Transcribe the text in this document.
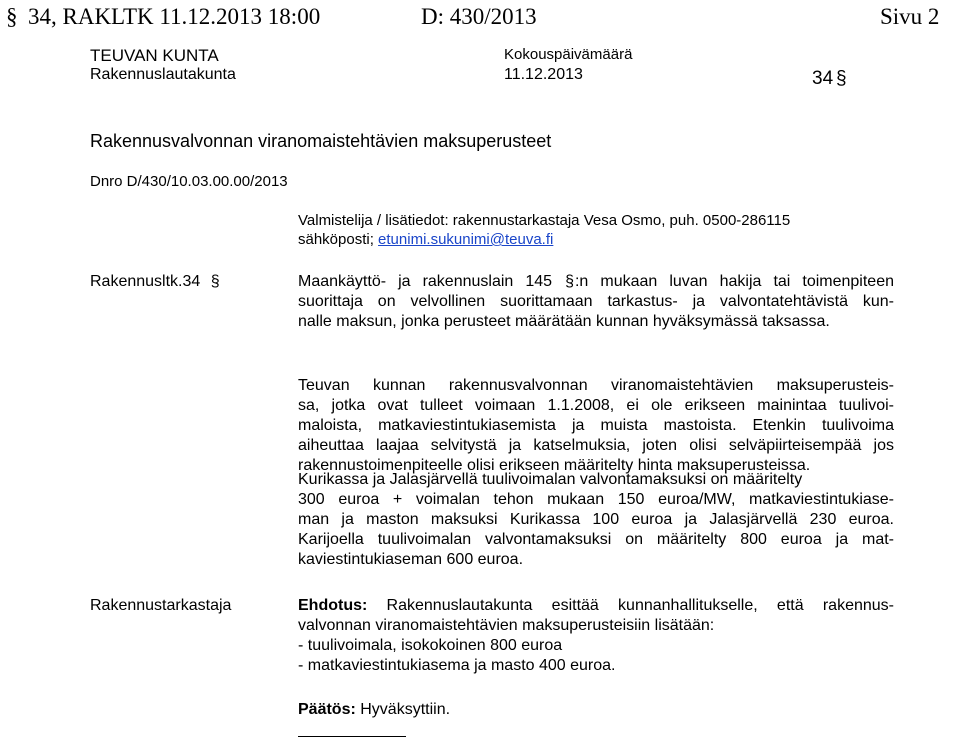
§ 34, RAKLTK 11.12.2013 18:00	D: 430/2013	Sivu 2
TEUVAN KUNTA
Rakennuslautakunta
Kokouspäivämäärä
11.12.2013	34 §
Rakennusvalvonnan viranomaistehtävien maksuperusteet
Dnro D/430/10.03.00.00/2013
Valmistelija / lisätiedot: rakennustarkastaja Vesa Osmo, puh. 0500-286115
sähköposti; etunimi.sukunimi@teuva.fi
Rakennusltk.34 §
Rakennustarkastaja
Maankäyttö- ja rakennuslain 145 §:n mukaan luvan hakija tai toimenpiteen
suorittaja on velvollinen suorittamaan tarkastus- ja valvontatehtävistä kun-
nalle maksun, jonka perusteet määrätään kunnan hyväksymässä taksassa.
Teuvan kunnan rakennusvalvonnan viranomaistehtävien maksuperusteis-
sa, jotka ovat tulleet voimaan 1.1.2008, ei ole erikseen mainintaa tuulivoi-
maloista, matkaviestintukiasemista ja muista mastoista. Etenkin tuulivoima
aiheuttaa laajaa selvitystä ja katselmuksia, joten olisi selväpiirteisempää jos
rakennustoimenpiteelle olisi erikseen määritelty hinta maksuperusteissa.
Kurikassa ja Jalasjärvellä tuulivoimalan valvontamaksuksi on määritelty
300 euroa + voimalan tehon mukaan 150 euroa/MW, matkaviestintukiase-
man ja maston maksuksi Kurikassa 100 euroa ja Jalasjärvellä 230 euroa.
Karijoella tuulivoimalan valvontamaksuksi on määritelty 800 euroa ja mat-
kaviestintukiaseman 600 euroa.
Ehdotus: Rakennuslautakunta esittää kunnanhallitukselle, että rakennus-
valvonnan viranomaistehtävien maksuperusteisiin lisätään:
- tuulivoimala, isokokoinen 800 euroa
- matkaviestintukiasema ja masto 400 euroa.
Päätös: Hyväksyttiin.
